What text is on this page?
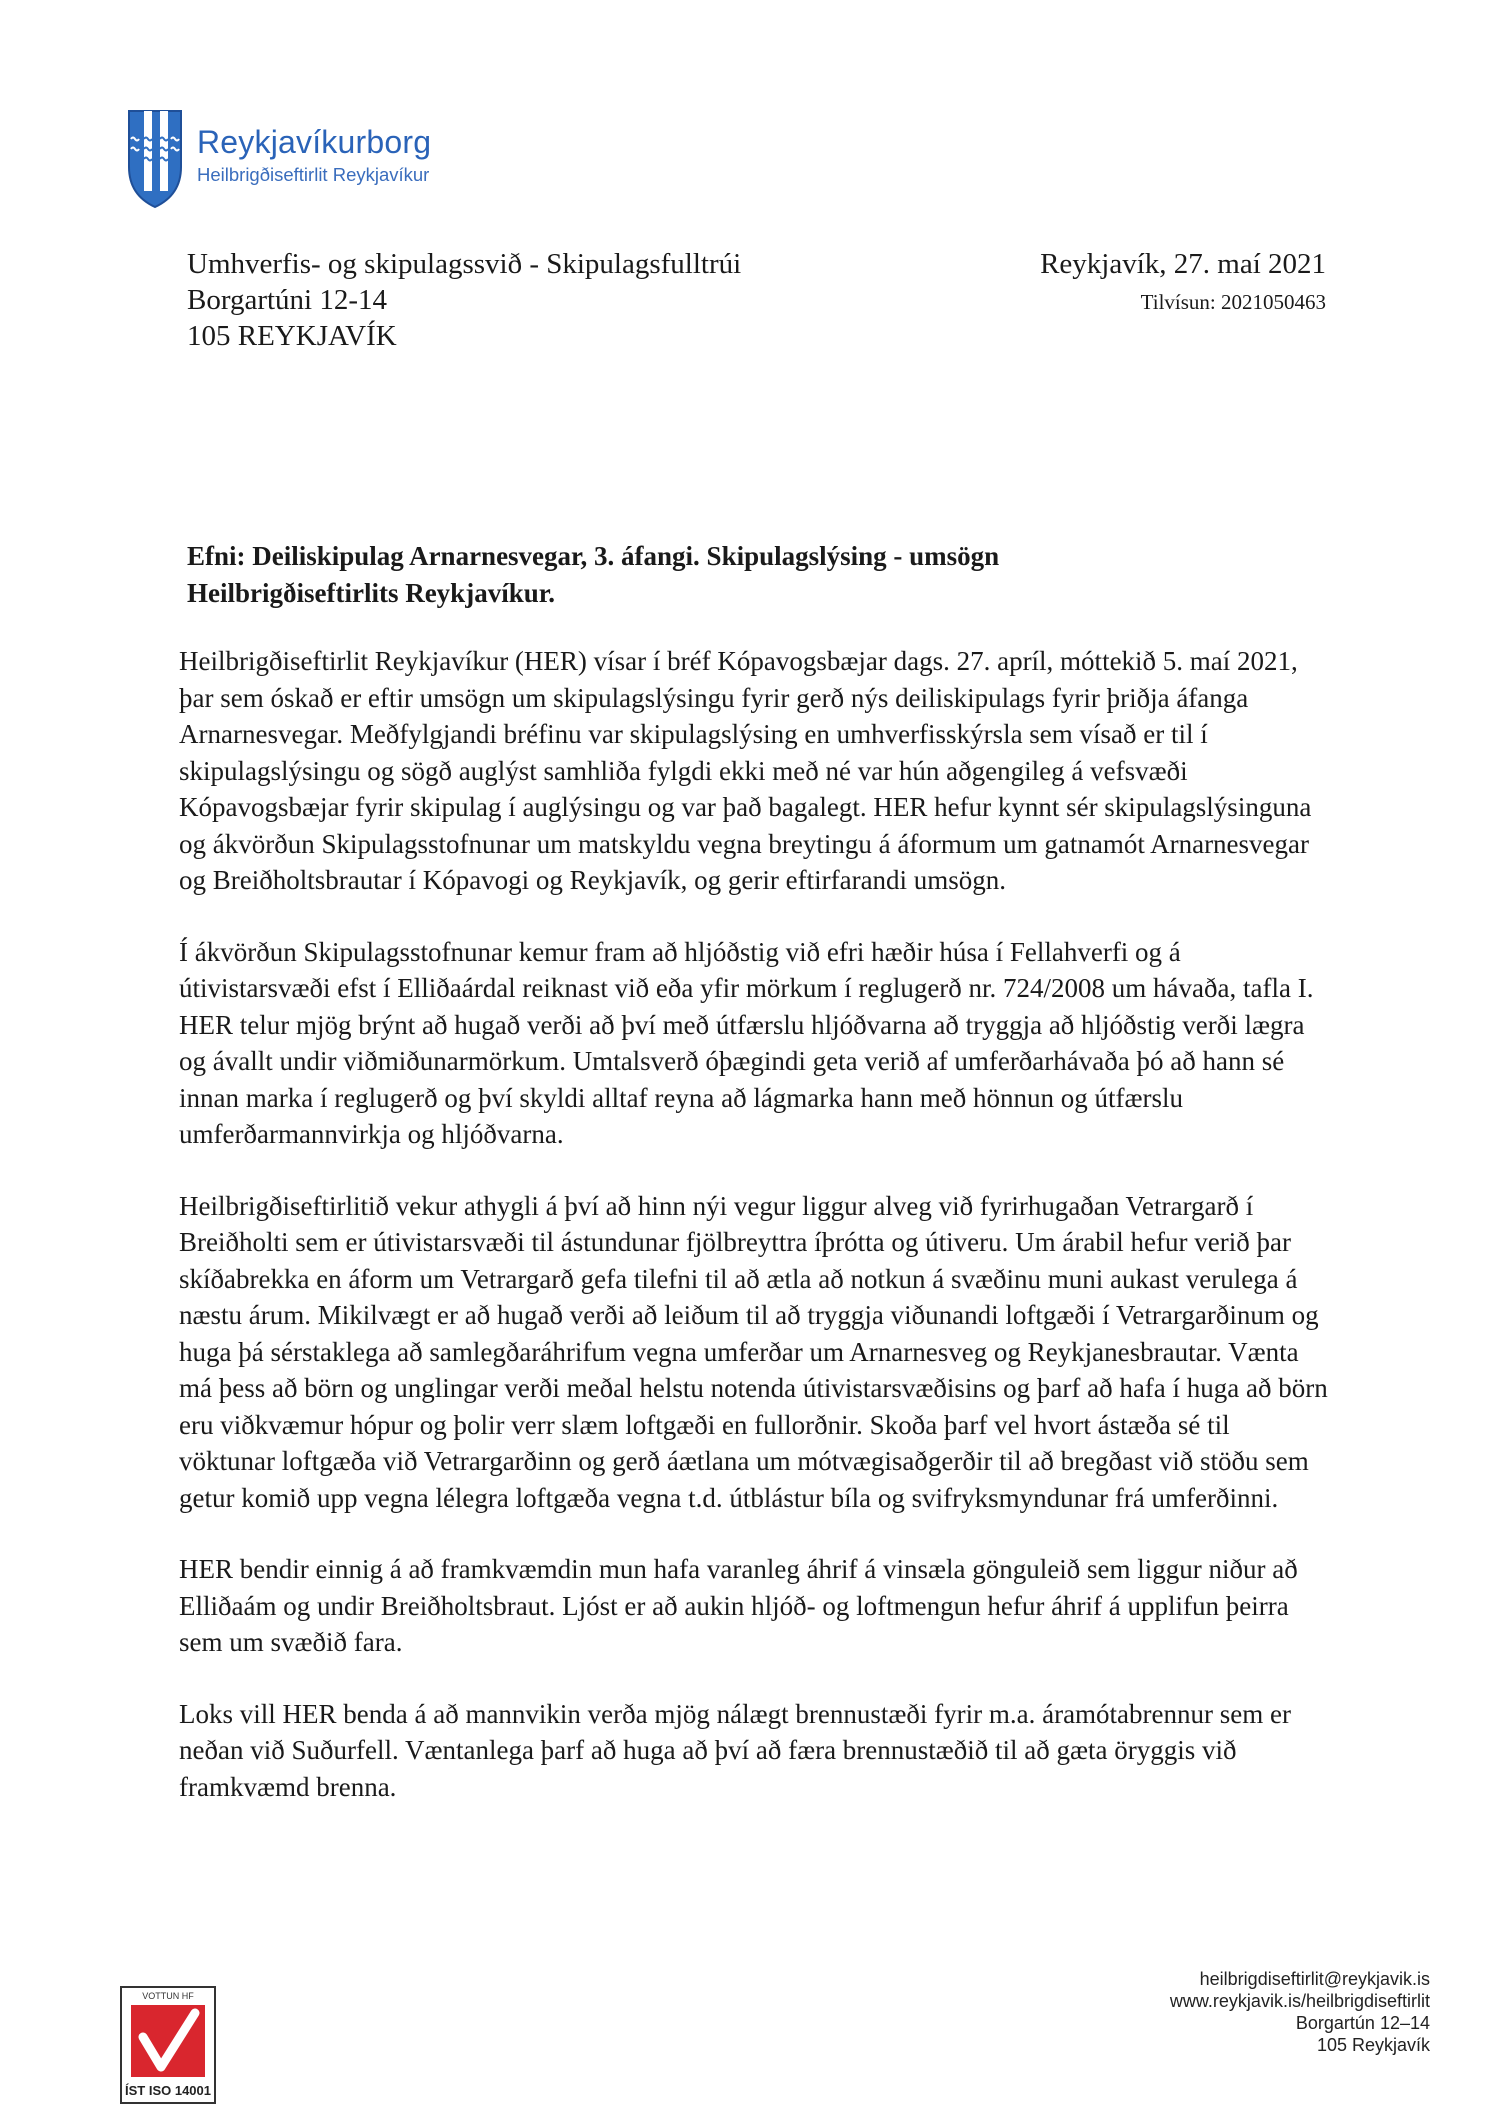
Reykjavíkurborg
Heilbrigðiseftirlit Reykjavíkur
Umhverfis- og skipulagssvið - Skipulagsfulltrúi
Borgartúni 12-14
105 REYKJAVÍK
Reykjavík, 27. maí 2021
Tilvísun: 2021050463
Efni: Deiliskipulag Arnarnesvegar, 3. áfangi. Skipulagslýsing - umsögn
Heilbrigðiseftirlits Reykjavíkur.

Heilbrigðiseftirlit Reykjavíkur (HER) vísar í bréf Kópavogsbæjar dags. 27. apríl, móttekið 5. maí 2021, þar sem óskað er eftir umsögn um skipulagslýsingu fyrir gerð nýs deiliskipulags fyrir þriðja áfanga Arnarnesvegar. Meðfylgjandi bréfinu var skipulagslýsing en umhverfisskýrsla sem vísað er til í skipulagslýsingu og sögð auglýst samhliða fylgdi ekki með né var hún aðgengileg á vefsvæði Kópavogsbæjar fyrir skipulag í auglýsingu og var það bagalegt. HER hefur kynnt sér skipulagslýsinguna og ákvörðun Skipulagsstofnunar um matskyldu vegna breytingu á áformum um gatnamót Arnarnesvegar og Breiðholtsbrautar í Kópavogi og Reykjavík, og gerir eftirfarandi umsögn.

Í ákvörðun Skipulagsstofnunar kemur fram að hljóðstig við efri hæðir húsa í Fellahverfi og á útivistarsvæði efst í Elliðaárdal reiknast við eða yfir mörkum í reglugerð nr. 724/2008 um hávaða, tafla I. HER telur mjög brýnt að hugað verði að því með útfærslu hljóðvarna að tryggja að hljóðstig verði lægra og ávallt undir viðmiðunarmörkum. Umtalsverð óþægindi geta verið af umferðarhávaða þó að hann sé innan marka í reglugerð og því skyldi alltaf reyna að lágmarka hann með hönnun og útfærslu umferðarmannvirkja og hljóðvarna.

Heilbrigðiseftirlitið vekur athygli á því að hinn nýi vegur liggur alveg við fyrirhugaðan Vetrargarð í Breiðholti sem er útivistarsvæði til ástundunar fjölbreyttra íþrótta og útiveru. Um árabil hefur verið þar skíðabrekka en áform um Vetrargarð gefa tilefni til að ætla að notkun á svæðinu muni aukast verulega á næstu árum. Mikilvægt er að hugað verði að leiðum til að tryggja viðunandi loftgæði í Vetrargarðinum og huga þá sérstaklega að samlegðaráhrifum vegna umferðar um Arnarnesveg og Reykjanesbrautar. Vænta má þess að börn og unglingar verði meðal helstu notenda útivistarsvæðisins og þarf að hafa í huga að börn eru viðkvæmur hópur og þolir verr slæm loftgæði en fullorðnir. Skoða þarf vel hvort ástæða sé til vöktunar loftgæða við Vetrargarðinn og gerð áætlana um mótvægisaðgerðir til að bregðast við stöðu sem getur komið upp vegna lélegra loftgæða vegna t.d. útblástur bíla og svifryksmyndunar frá umferðinni.

HER bendir einnig á að framkvæmdin mun hafa varanleg áhrif á vinsæla gönguleið sem liggur niður að Elliðaám og undir Breiðholtsbraut. Ljóst er að aukin hljóð- og loftmengun hefur áhrif á upplifun þeirra sem um svæðið fara.

Loks vill HER benda á að mannvikin verða mjög nálægt brennustæði fyrir m.a. áramótabrennur sem er neðan við Suðurfell. Væntanlega þarf að huga að því að færa brennustæðið til að gæta öryggis við framkvæmd brenna.

VOTTUN HF
ÍST ISO 14001
heilbrigdiseftirlit@reykjavik.is
www.reykjavik.is/heilbrigdiseftirlit
Borgartún 12–14
105 Reykjavík
